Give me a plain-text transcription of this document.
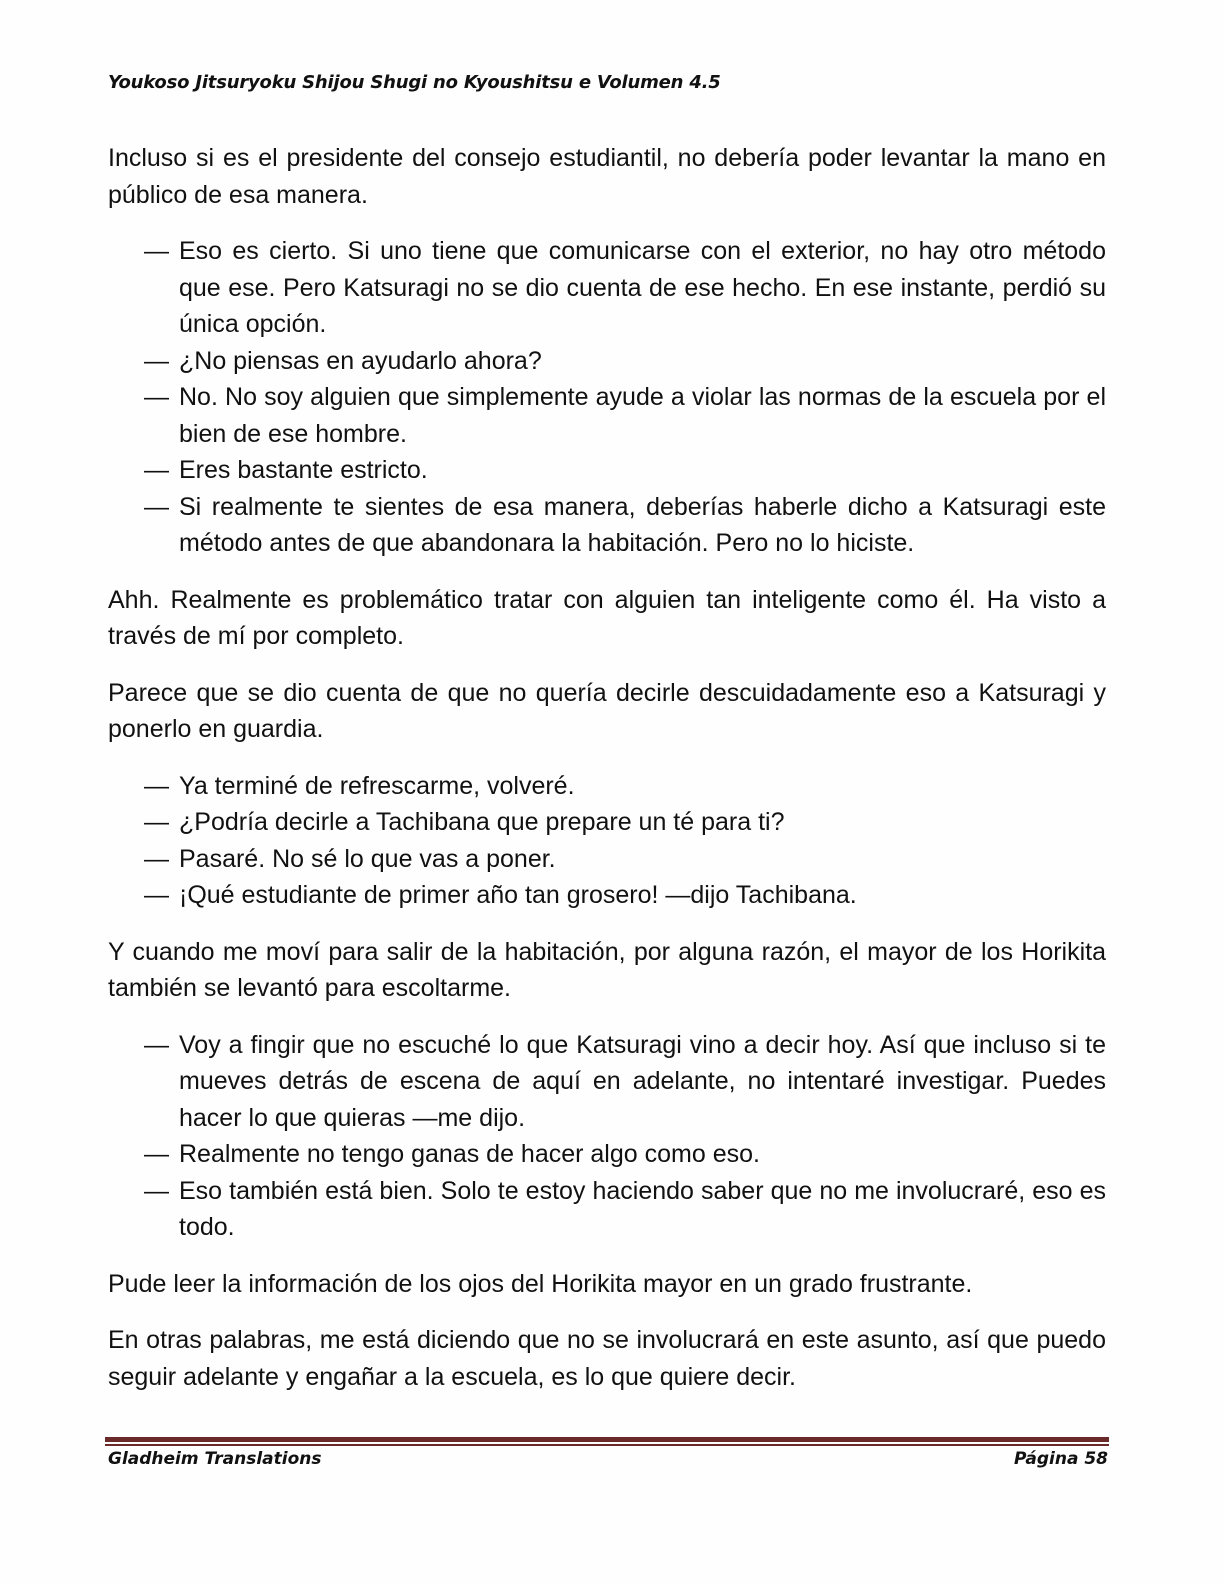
Youkoso Jitsuryoku Shijou Shugi no Kyoushitsu e Volumen 4.5

Incluso si es el presidente del consejo estudiantil, no debería poder levantar la mano en público de esa manera.

— Eso es cierto. Si uno tiene que comunicarse con el exterior, no hay otro método que ese. Pero Katsuragi no se dio cuenta de ese hecho. En ese instante, perdió su única opción.
— ¿No piensas en ayudarlo ahora?
— No. No soy alguien que simplemente ayude a violar las normas de la escuela por el bien de ese hombre.
— Eres bastante estricto.
— Si realmente te sientes de esa manera, deberías haberle dicho a Katsuragi este método antes de que abandonara la habitación. Pero no lo hiciste.

Ahh. Realmente es problemático tratar con alguien tan inteligente como él. Ha visto a través de mí por completo.

Parece que se dio cuenta de que no quería decirle descuidadamente eso a Katsuragi y ponerlo en guardia.

— Ya terminé de refrescarme, volveré.
— ¿Podría decirle a Tachibana que prepare un té para ti?
— Pasaré. No sé lo que vas a poner.
— ¡Qué estudiante de primer año tan grosero! —dijo Tachibana.

Y cuando me moví para salir de la habitación, por alguna razón, el mayor de los Horikita también se levantó para escoltarme.

— Voy a fingir que no escuché lo que Katsuragi vino a decir hoy. Así que incluso si te mueves detrás de escena de aquí en adelante, no intentaré investigar. Puedes hacer lo que quieras —me dijo.
— Realmente no tengo ganas de hacer algo como eso.
— Eso también está bien. Solo te estoy haciendo saber que no me involucraré, eso es todo.

Pude leer la información de los ojos del Horikita mayor en un grado frustrante.

En otras palabras, me está diciendo que no se involucrará en este asunto, así que puedo seguir adelante y engañar a la escuela, es lo que quiere decir.

Gladheim Translations	Página 58
